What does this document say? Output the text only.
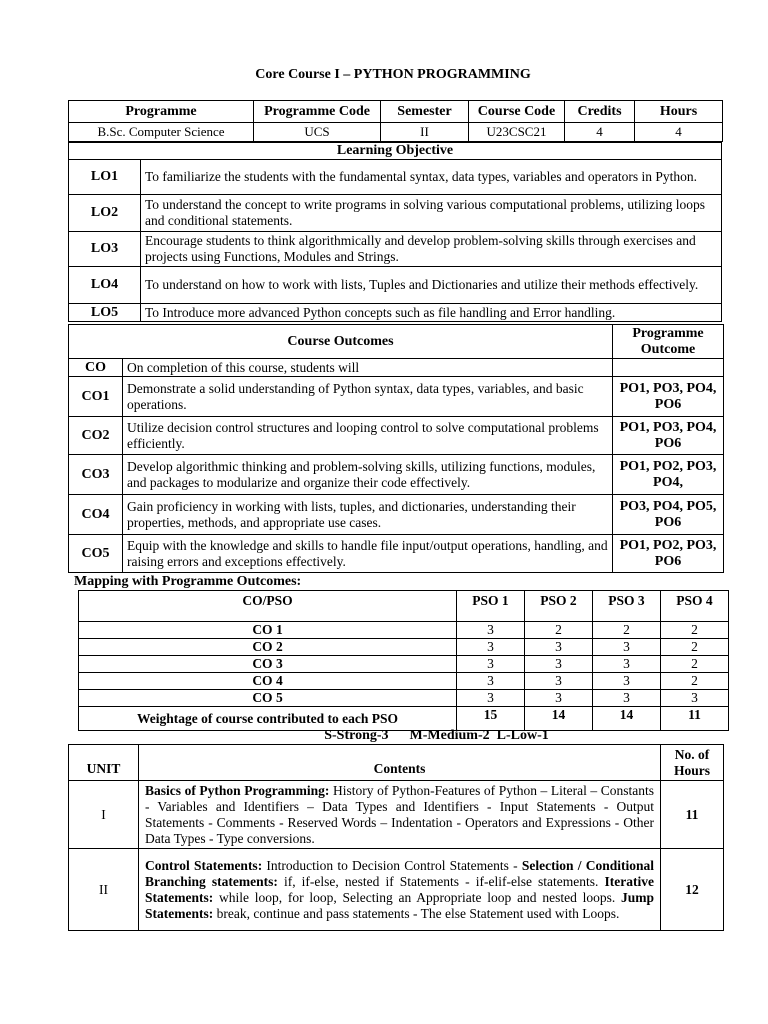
Core Course I – PYTHON PROGRAMMING
Programme	Programme Code	Semester	Course Code	Credits	Hours
B.Sc. Computer Science	UCS	II	U23CSC21	4	4
Learning Objective	
LO1	To familiarize the students with the fundamental syntax, data types, variables and operators in Python.
LO2	To understand the concept to write programs in solving various computational problems, utilizing loops and conditional statements.
LO3	Encourage students to think algorithmically and develop problem-solving skills through exercises and projects using Functions, Modules and Strings.
LO4	To understand on how to work with lists, Tuples and Dictionaries and utilize their methods effectively.
LO5	To Introduce more advanced Python concepts such as file handling and Error handling.
Course Outcomes		Programme Outcome
CO	On completion of this course, students will	
CO1	Demonstrate a solid understanding of Python syntax, data types, variables, and basic operations.	PO1, PO3, PO4, PO6
CO2	Utilize decision control structures and looping control to solve computational problems efficiently.	PO1, PO3, PO4, PO6
CO3	Develop algorithmic thinking and problem-solving skills, utilizing functions, modules, and packages to modularize and organize their code effectively.	PO1, PO2, PO3, PO4,
CO4	Gain proficiency in working with lists, tuples, and dictionaries, understanding their properties, methods, and appropriate use cases.	PO3, PO4, PO5, PO6
CO5	Equip with the knowledge and skills to handle file input/output operations, handling, and raising errors and exceptions effectively.	PO1, PO2, PO3, PO6
Mapping with Programme Outcomes:
CO/PSO	PSO 1	PSO 2	PSO 3	PSO 4
CO 1	3	2	2	2
CO 2	3	3	3	2
CO 3	3	3	3	2
CO 4	3	3	3	2
CO 5	3	3	3	3
Weightage of course contributed to each PSO	15	14	14	11
S-Strong-3      M-Medium-2  L-Low-1
UNIT	Contents	No. of Hours
I	Basics of Python Programming: History of Python-Features of Python – Literal – Constants - Variables and Identifiers – Data Types and Identifiers - Input Statements - Output Statements - Comments - Reserved Words – Indentation - Operators and Expressions - Other Data Types - Type conversions.	11
II	Control Statements: Introduction to Decision Control Statements - Selection / Conditional Branching statements: if, if-else, nested if Statements - if-elif-else statements. Iterative Statements: while loop, for loop, Selecting an Appropriate loop and nested loops. Jump Statements: break, continue and pass statements - The else Statement used with Loops.	12
